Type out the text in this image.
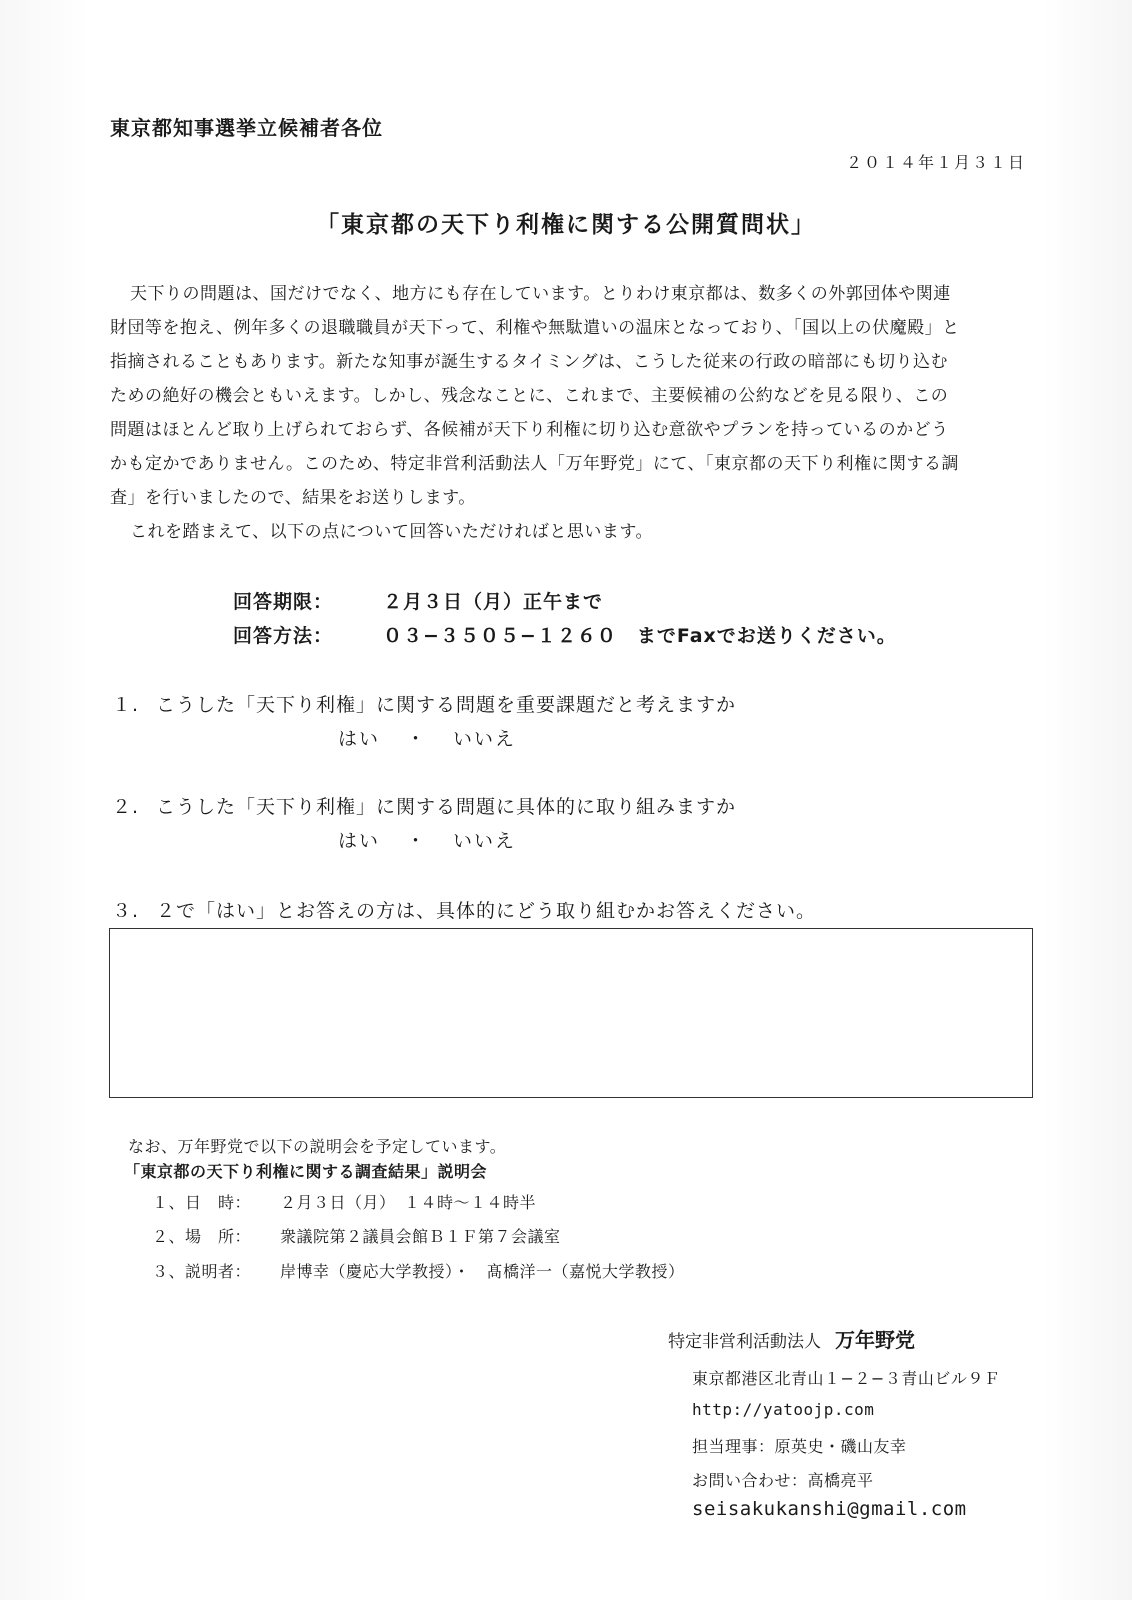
東京都知事選挙立候補者各位
２０１４年１月３１日
「東京都の天下り利権に関する公開質問状」

天下りの問題は、国だけでなく、地方にも存在しています。とりわけ東京都は、数多くの外郭団体や関連

財団等を抱え、例年多くの退職職員が天下って、利権や無駄遣いの温床となっており、「国以上の伏魔殿」と

指摘されることもあります。新たな知事が誕生するタイミングは、こうした従来の行政の暗部にも切り込む

ための絶好の機会ともいえます。しかし、残念なことに、これまで、主要候補の公約などを見る限り、この

問題はほとんど取り上げられておらず、各候補が天下り利権に切り込む意欲やプランを持っているのかどう

かも定かでありません。このため、特定非営利活動法人「万年野党」にて、「東京都の天下り利権に関する調

査」を行いましたので、結果をお送りします。

これを踏まえて、以下の点について回答いただければと思います。

回答期限：	２月３日（月）正午まで
回答方法：	０３−３５０５−１２６０　までFaxでお送りください。
１. こうした「天下り利権」に関する問題を重要課題だと考えますか
はい ・ いいえ
２. こうした「天下り利権」に関する問題に具体的に取り組みますか
はい ・ いいえ
３. ２で「はい」とお答えの方は、具体的にどう取り組むかお答えください。
なお、万年野党で以下の説明会を予定しています。
「東京都の天下り利権に関する調査結果」説明会
１、日　時： ２月３日（月）　１４時〜１４時半
２、場　所： 衆議院第２議員会館Ｂ１Ｆ第７会議室
３、説明者： 岸博幸（慶応大学教授）・　髙橋洋一（嘉悦大学教授）
特定非営利活動法人 万年野党
東京都港区北青山１−２−３青山ビル９Ｆ
http://yatoojp.com
担当理事：原英史・磯山友幸
お問い合わせ：高橋亮平
seisakukanshi@gmail.com
